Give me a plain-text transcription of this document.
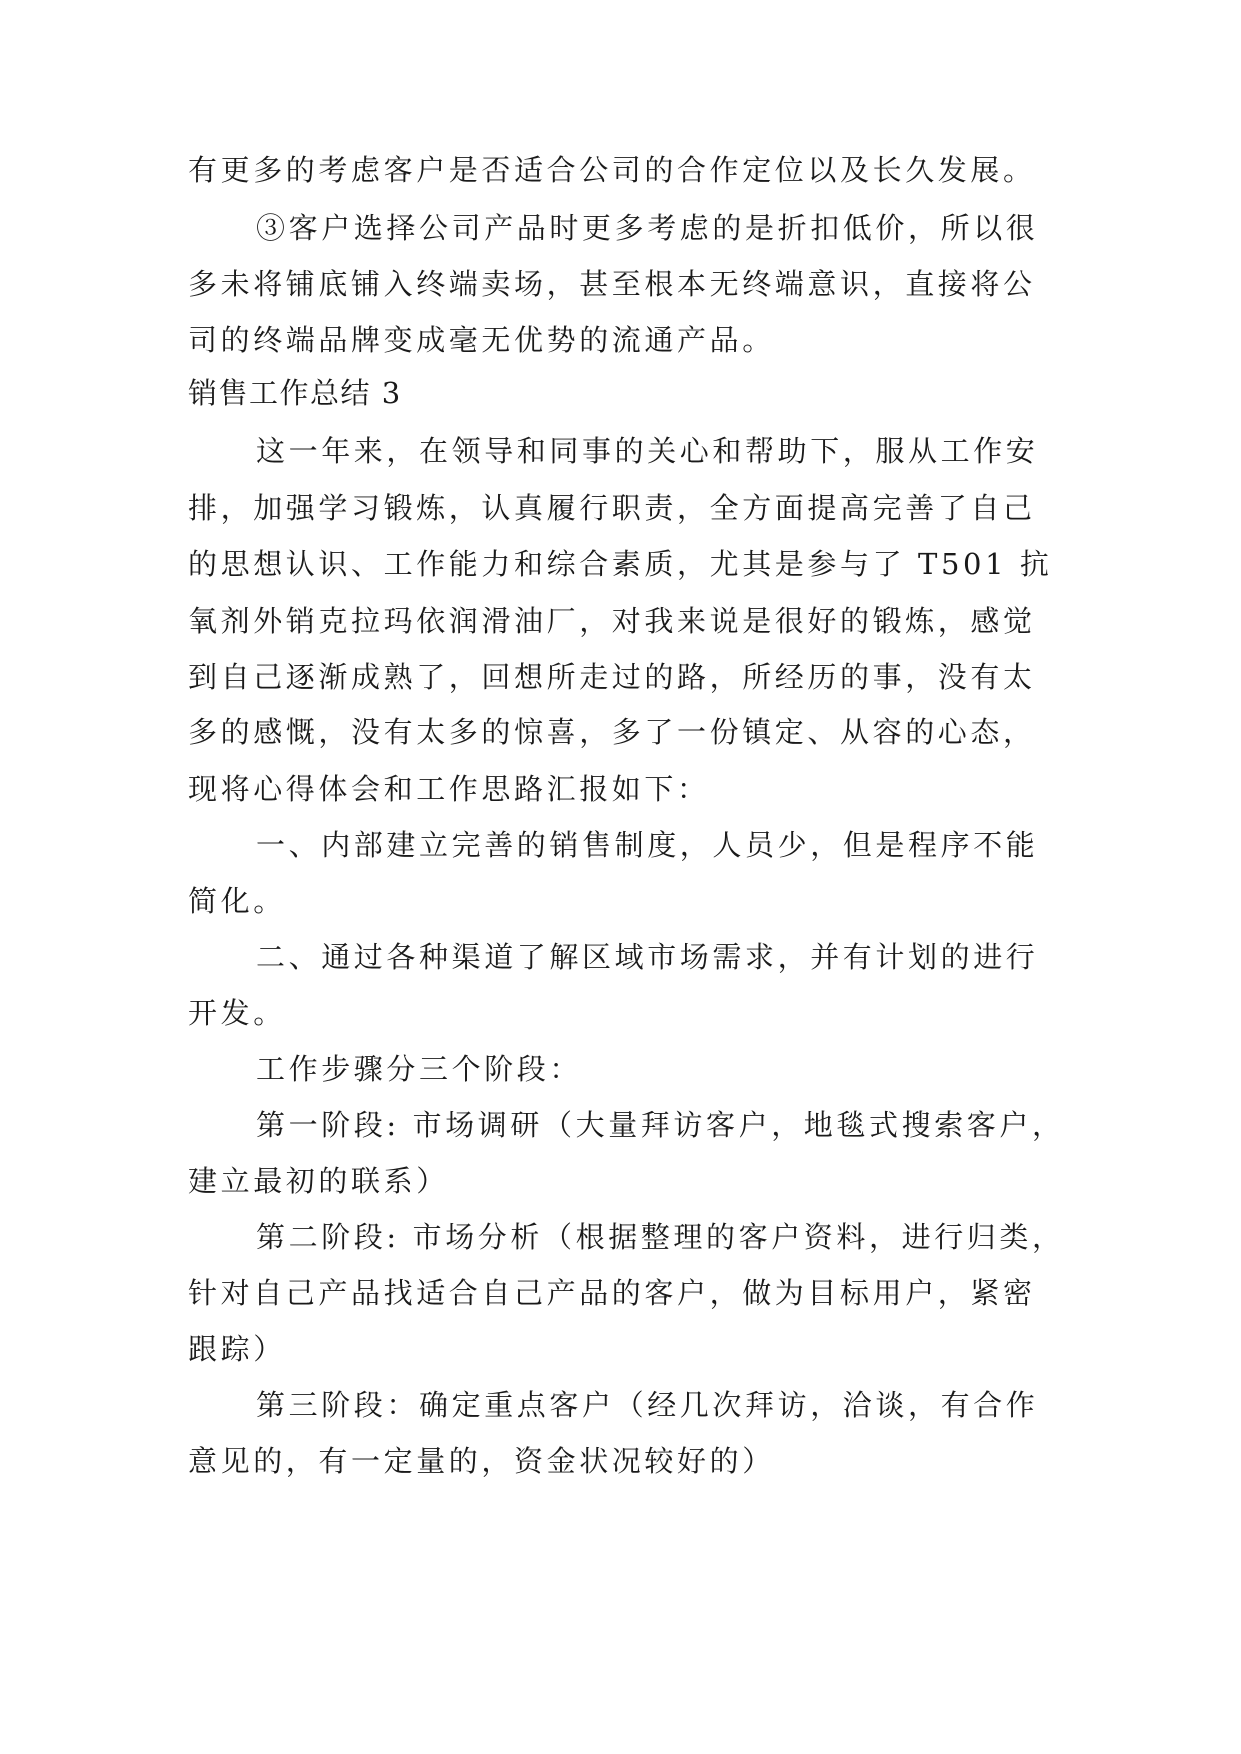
有更多的考虑客户是否适合公司的合作定位以及长久发展。
③客户选择公司产品时更多考虑的是折扣低价，所以很
多未将铺底铺入终端卖场，甚至根本无终端意识，直接将公
司的终端品牌变成毫无优势的流通产品。
销售工作总结 3
这一年来，在领导和同事的关心和帮助下，服从工作安
排，加强学习锻炼，认真履行职责，全方面提高完善了自己
的思想认识、工作能力和综合素质，尤其是参与了 T501 抗
氧剂外销克拉玛依润滑油厂，对我来说是很好的锻炼，感觉
到自己逐渐成熟了，回想所走过的路，所经历的事，没有太
多的感慨，没有太多的惊喜，多了一份镇定、从容的心态，
现将心得体会和工作思路汇报如下：
一、内部建立完善的销售制度，人员少，但是程序不能
简化。
二、通过各种渠道了解区域市场需求，并有计划的进行
开发。
工作步骤分三个阶段：
第一阶段: 市场调研（大量拜访客户，地毯式搜索客户，
建立最初的联系）
第二阶段: 市场分析（根据整理的客户资料，进行归类，
针对自己产品找适合自己产品的客户，做为目标用户，紧密
跟踪）
第三阶段：确定重点客户（经几次拜访，洽谈，有合作
意见的，有一定量的，资金状况较好的）
